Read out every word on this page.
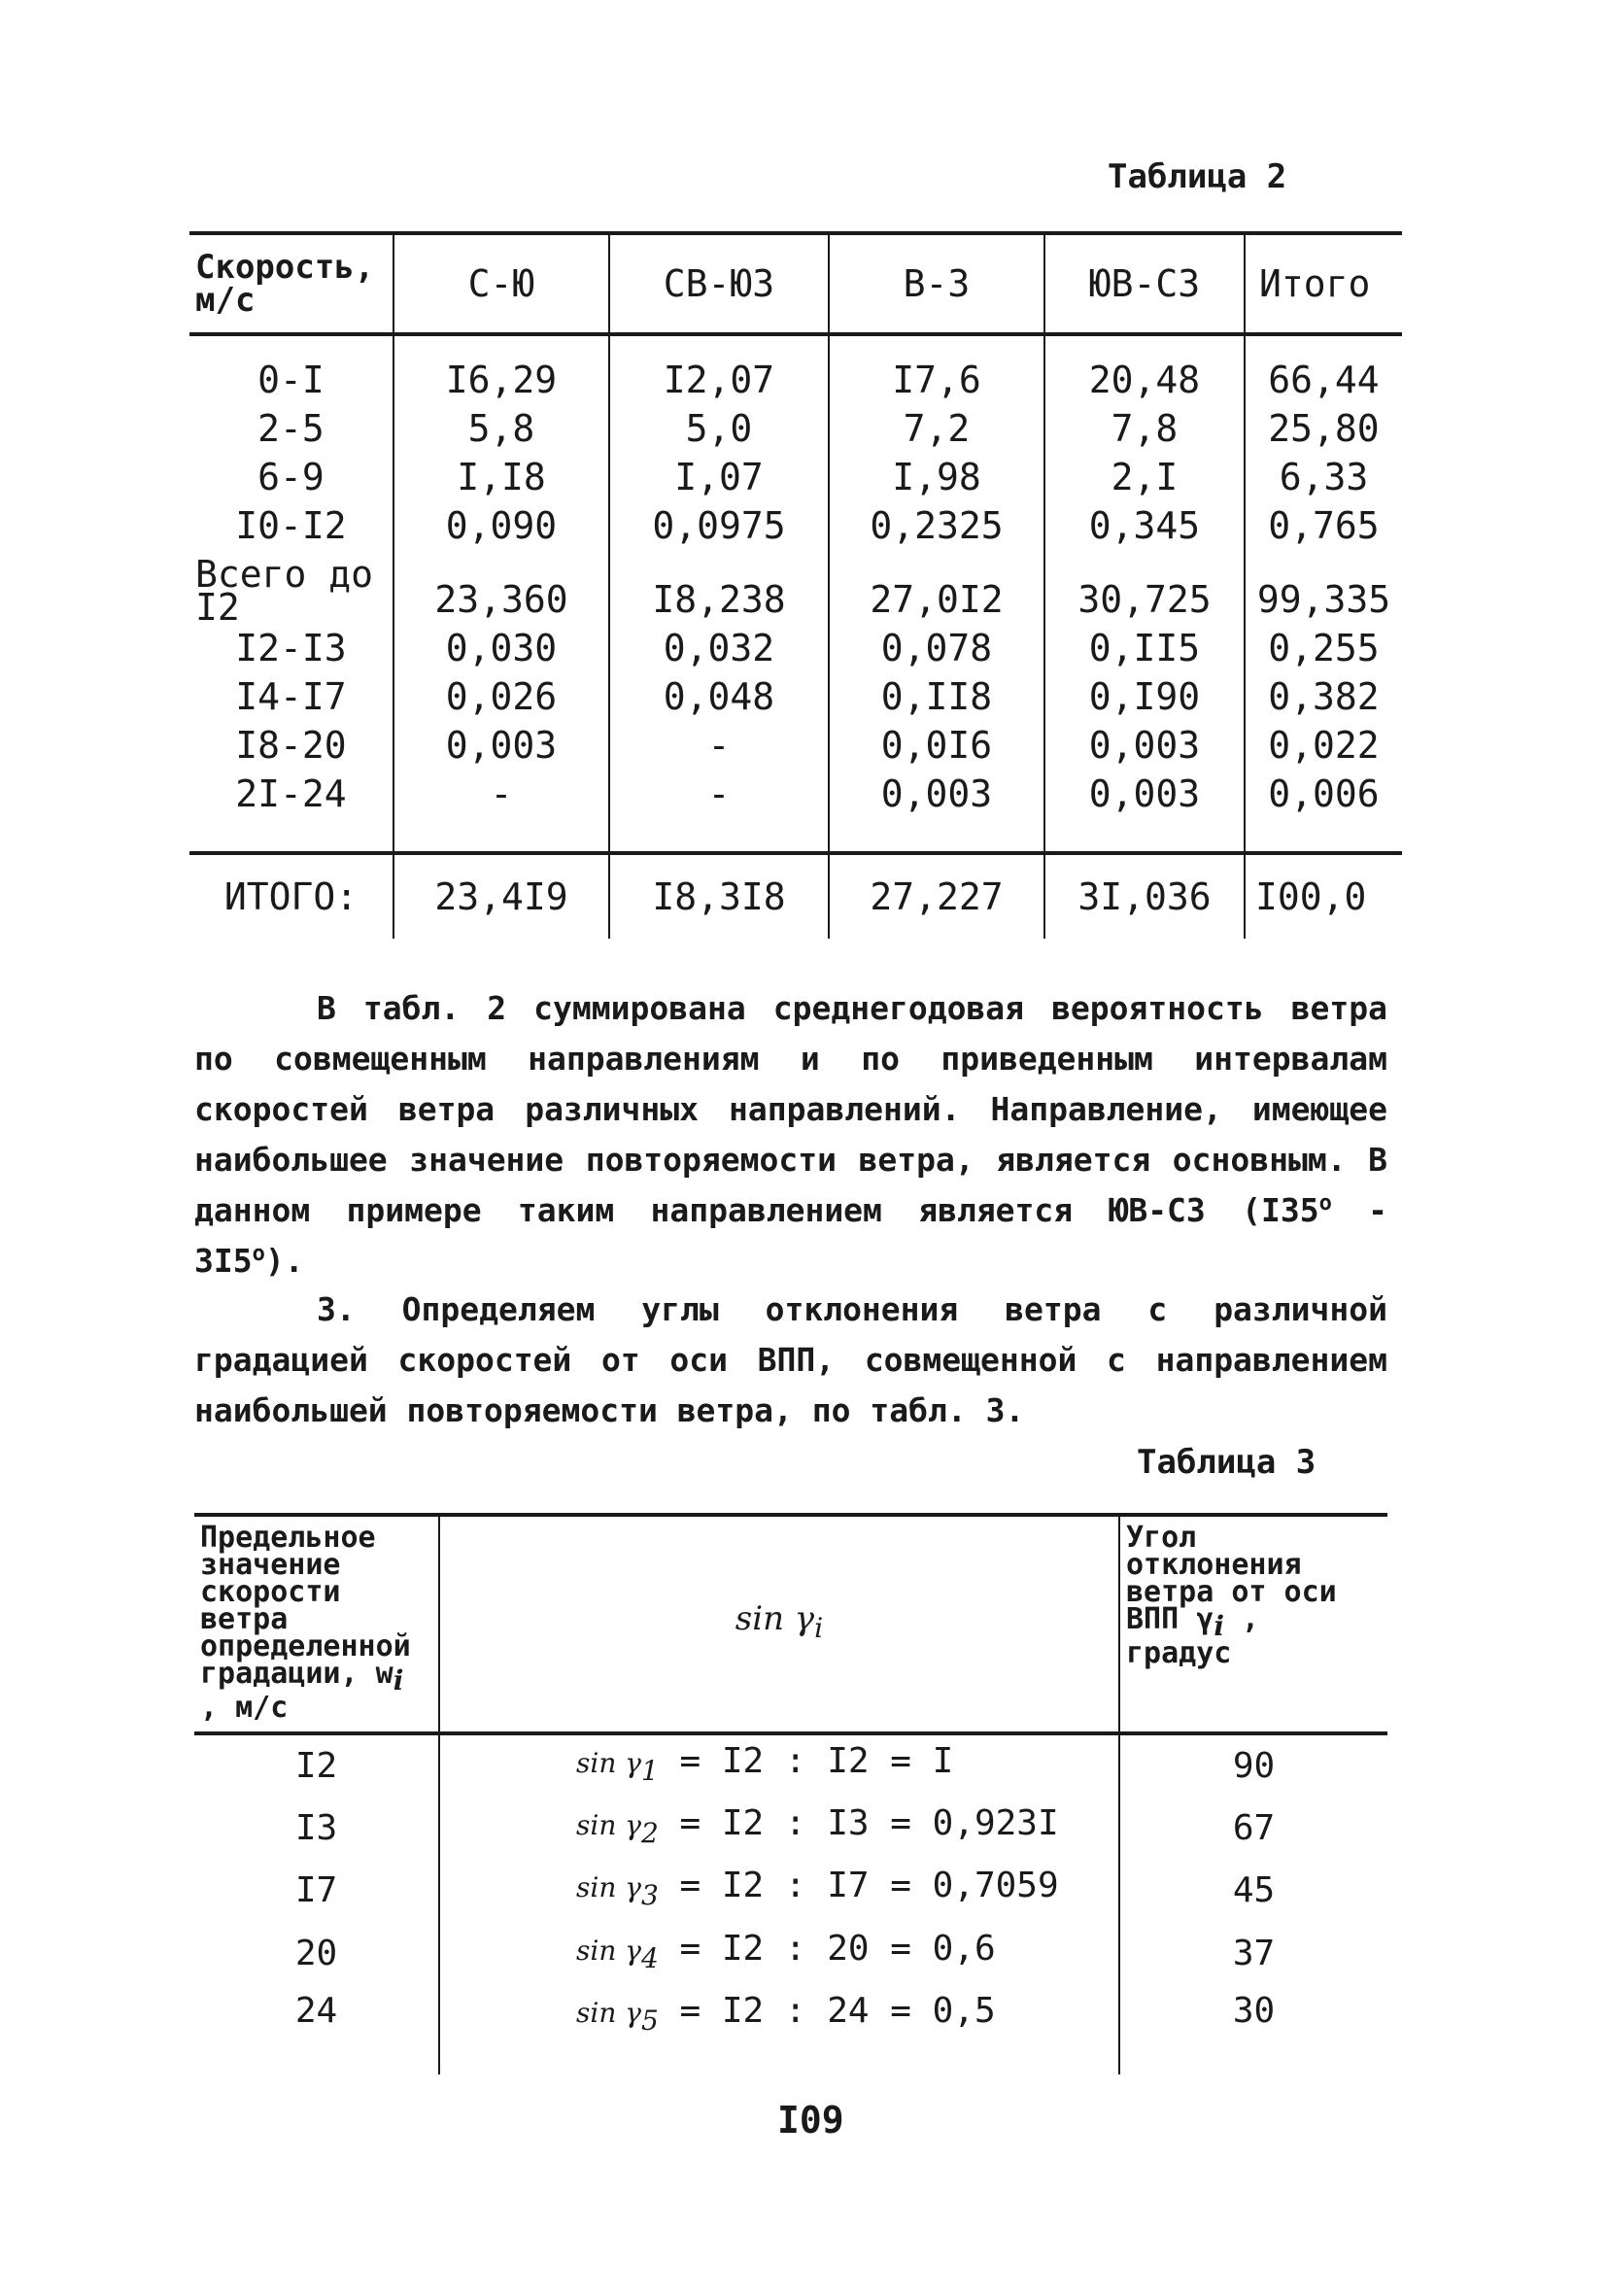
Таблица 2
Скорость,
м/с	С-Ю	СВ-ЮЗ	В-З	ЮВ-СЗ	Итого
0-I	I6,29	I2,07	I7,6	20,48	66,44
2-5	5,8	5,0	7,2	7,8	25,80
6-9	I,I8	I,07	I,98	2,I	6,33
I0-I2	0,090	0,0975	0,2325	0,345	0,765
Всего до
I2	23,360	I8,238	27,0I2	30,725	99,335
I2-I3	0,030	0,032	0,078	0,II5	0,255
I4-I7	0,026	0,048	0,II8	0,I90	0,382
I8-20	0,003	-	0,0I6	0,003	0,022
2I-24	-	-	0,003	0,003	0,006
ИТОГО:	23,4I9	I8,3I8	27,227	3I,036	I00,0

В табл. 2 суммирована среднегодовая вероятность ветра по совмещенным направлениям и по приведенным интервалам скоростей ветра различных направлений. Направление, имеющее наибольшее значение повторяемости ветра, является основным. В данном примере таким направлением является ЮВ-СЗ (I35$^o$ - 3I5$^o$).

3. Определяем углы отклонения ветра с различной градацией скоростей от оси ВПП, совмещенной с направлением наибольшей повторяемости ветра, по табл. 3.

Таблица 3
Предельное значение скорости ветра определенной градации, $w_i$ , м/с	$\sin \gamma_i$	Угол отклонения ветра от оси ВПП $\gamma_i$ , градус
I2	$\sin \gamma_1 = I2$ : I2 = I	90
I3	$\sin \gamma_2 = I2$ : I3 = 0,923I	67
I7	$\sin \gamma_3 = I2$ : I7 = 0,7059	45
20	$\sin \gamma_4 = I2$ : 20 = 0,6	37
24	$\sin \gamma_5 = I2$ : 24 = 0,5	30
I09
